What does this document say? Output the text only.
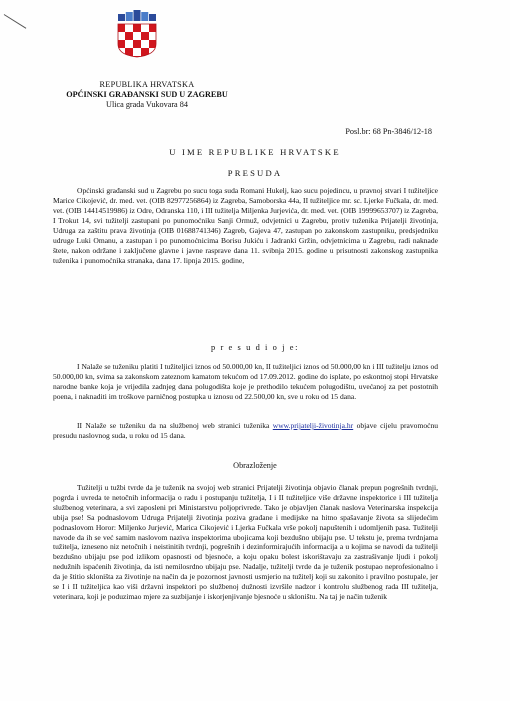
REPUBLIKA HRVATSKA
OPĆINSKI GRAĐANSKI SUD U ZAGREBU
Ulica grada Vukovara 84
Posl.br: 68 Pn-3846/12-18
U IME REPUBLIKE HRVATSKE
PRESUDA
Općinski građanski sud u Zagrebu po sucu toga suda Romani Hukelj, kao sucu pojedincu, u pravnoj stvari I tužiteljice Marice Cikojević, dr. med. vet. (OIB 82977256864) iz Zagreba, Samoborska 44a, II tužiteljice mr. sc. Ljerke Fučkala, dr. med. vet. (OIB 14414519986) iz Odre, Odranska 110, i III tužitelja Miljenka Jurjevića, dr. med. vet. (OIB 19999653707) iz Zagreba, I Trokut 14, svi tužitelji zastupani po punomoćniku Sanji Ormuž, odvjetnici u Zagrebu, protiv tuženika Prijatelji životinja, Udruga za zaštitu prava životinja (OIB 01688741346) Zagreb, Gajeva 47, zastupan po zakonskom zastupniku, predsjedniku udruge Luki Omanu, a zastupan i po punomoćnicima Borisu Jukiću i Jadranki Gržin, odvjetnicima u Zagrebu, radi naknade štete, nakon održane i zaključene glavne i javne rasprave dana 11. svibnja 2015. godine u prisutnosti zakonskog zastupnika tuženika i punomoćnika stranaka, dana 17. lipnja 2015. godine,
p r e s u d i o j e:
I Nalaže se tuženiku platiti I tužiteljici iznos od 50.000,00 kn, II tužiteljici iznos od 50.000,00 kn i III tužitelju iznos od 50.000,00 kn, svima sa zakonskom zateznom kamatom tekućom od 17.09.2012. godine do isplate, po eskontnoj stopi Hrvatske narodne banke koja je vrijedila zadnjeg dana polugodišta koje je prethodilo tekućem polugodištu, uvećanoj za pet postotnih poena, i naknaditi im troškove parničnog postupka u iznosu od 22.500,00 kn, sve u roku od 15 dana.
II Nalaže se tuženiku da na službenoj web stranici tuženika www.prijatelji-životinja.hr objave cijelu pravomoćnu presudu naslovnog suda, u roku od 15 dana.
Obrazloženje
Tužitelji u tužbi tvrde da je tuženik na svojoj web stranici Prijatelji životinja objavio članak prepun pogrešnih tvrdnji, pogrda i uvreda te netočnih informacija o radu i postupanju tužitelja, I i II tužiteljice više državne inspektorice i III tužitelja službenog veterinara, a svi zaposleni pri Ministarstvu poljoprivrede. Tako je objavljen članak naslova Veterinarska inspekcija ubija pse! Sa podnaslovom Udruga Prijatelji životinja poziva građane i medijske na hitno spašavanje života sa slijedećim podnaslovom Horor: Miljenko Jurjević, Marica Cikojević i Ljerka Fučkala vrše pokolj napuštenih i udomljenih pasa. Tužitelji navode da ih se već samim naslovom naziva inspektorima ubojicama koji bezdušno ubijaju pse. U tekstu je, prema tvrdnjama tužitelja, izneseno niz netočnih i neistinitih tvrdnji, pogrešnih i dezinformirajućih informacija a u kojima se navodi da tužitelji bezdušno ubijaju pse pod izlikom opasnosti od bjesnoće, a koju opaku bolest iskorištavaju za zastrašivanje ljudi i pokolj nedužnih ispaćenih životinja, da isti nemilosrdno ubijaju pse. Nadalje, tužitelji tvrde da je tuženik postupao neprofesionalno i da je štitio skloništa za životinje na način da je pozornost javnosti usmjerio na tužitelj koji su zakonito i pravilno postupale, jer se I i II tužiteljica kao viši državni inspektori po službenoj dužnosti izvršile nadzor i kontrolu službenog rada III tužitelja, veterinara, koji je poduzimao mjere za suzbijanje i iskorjenjivanje bjesnoće u skloništu. Na taj je način tuženik
